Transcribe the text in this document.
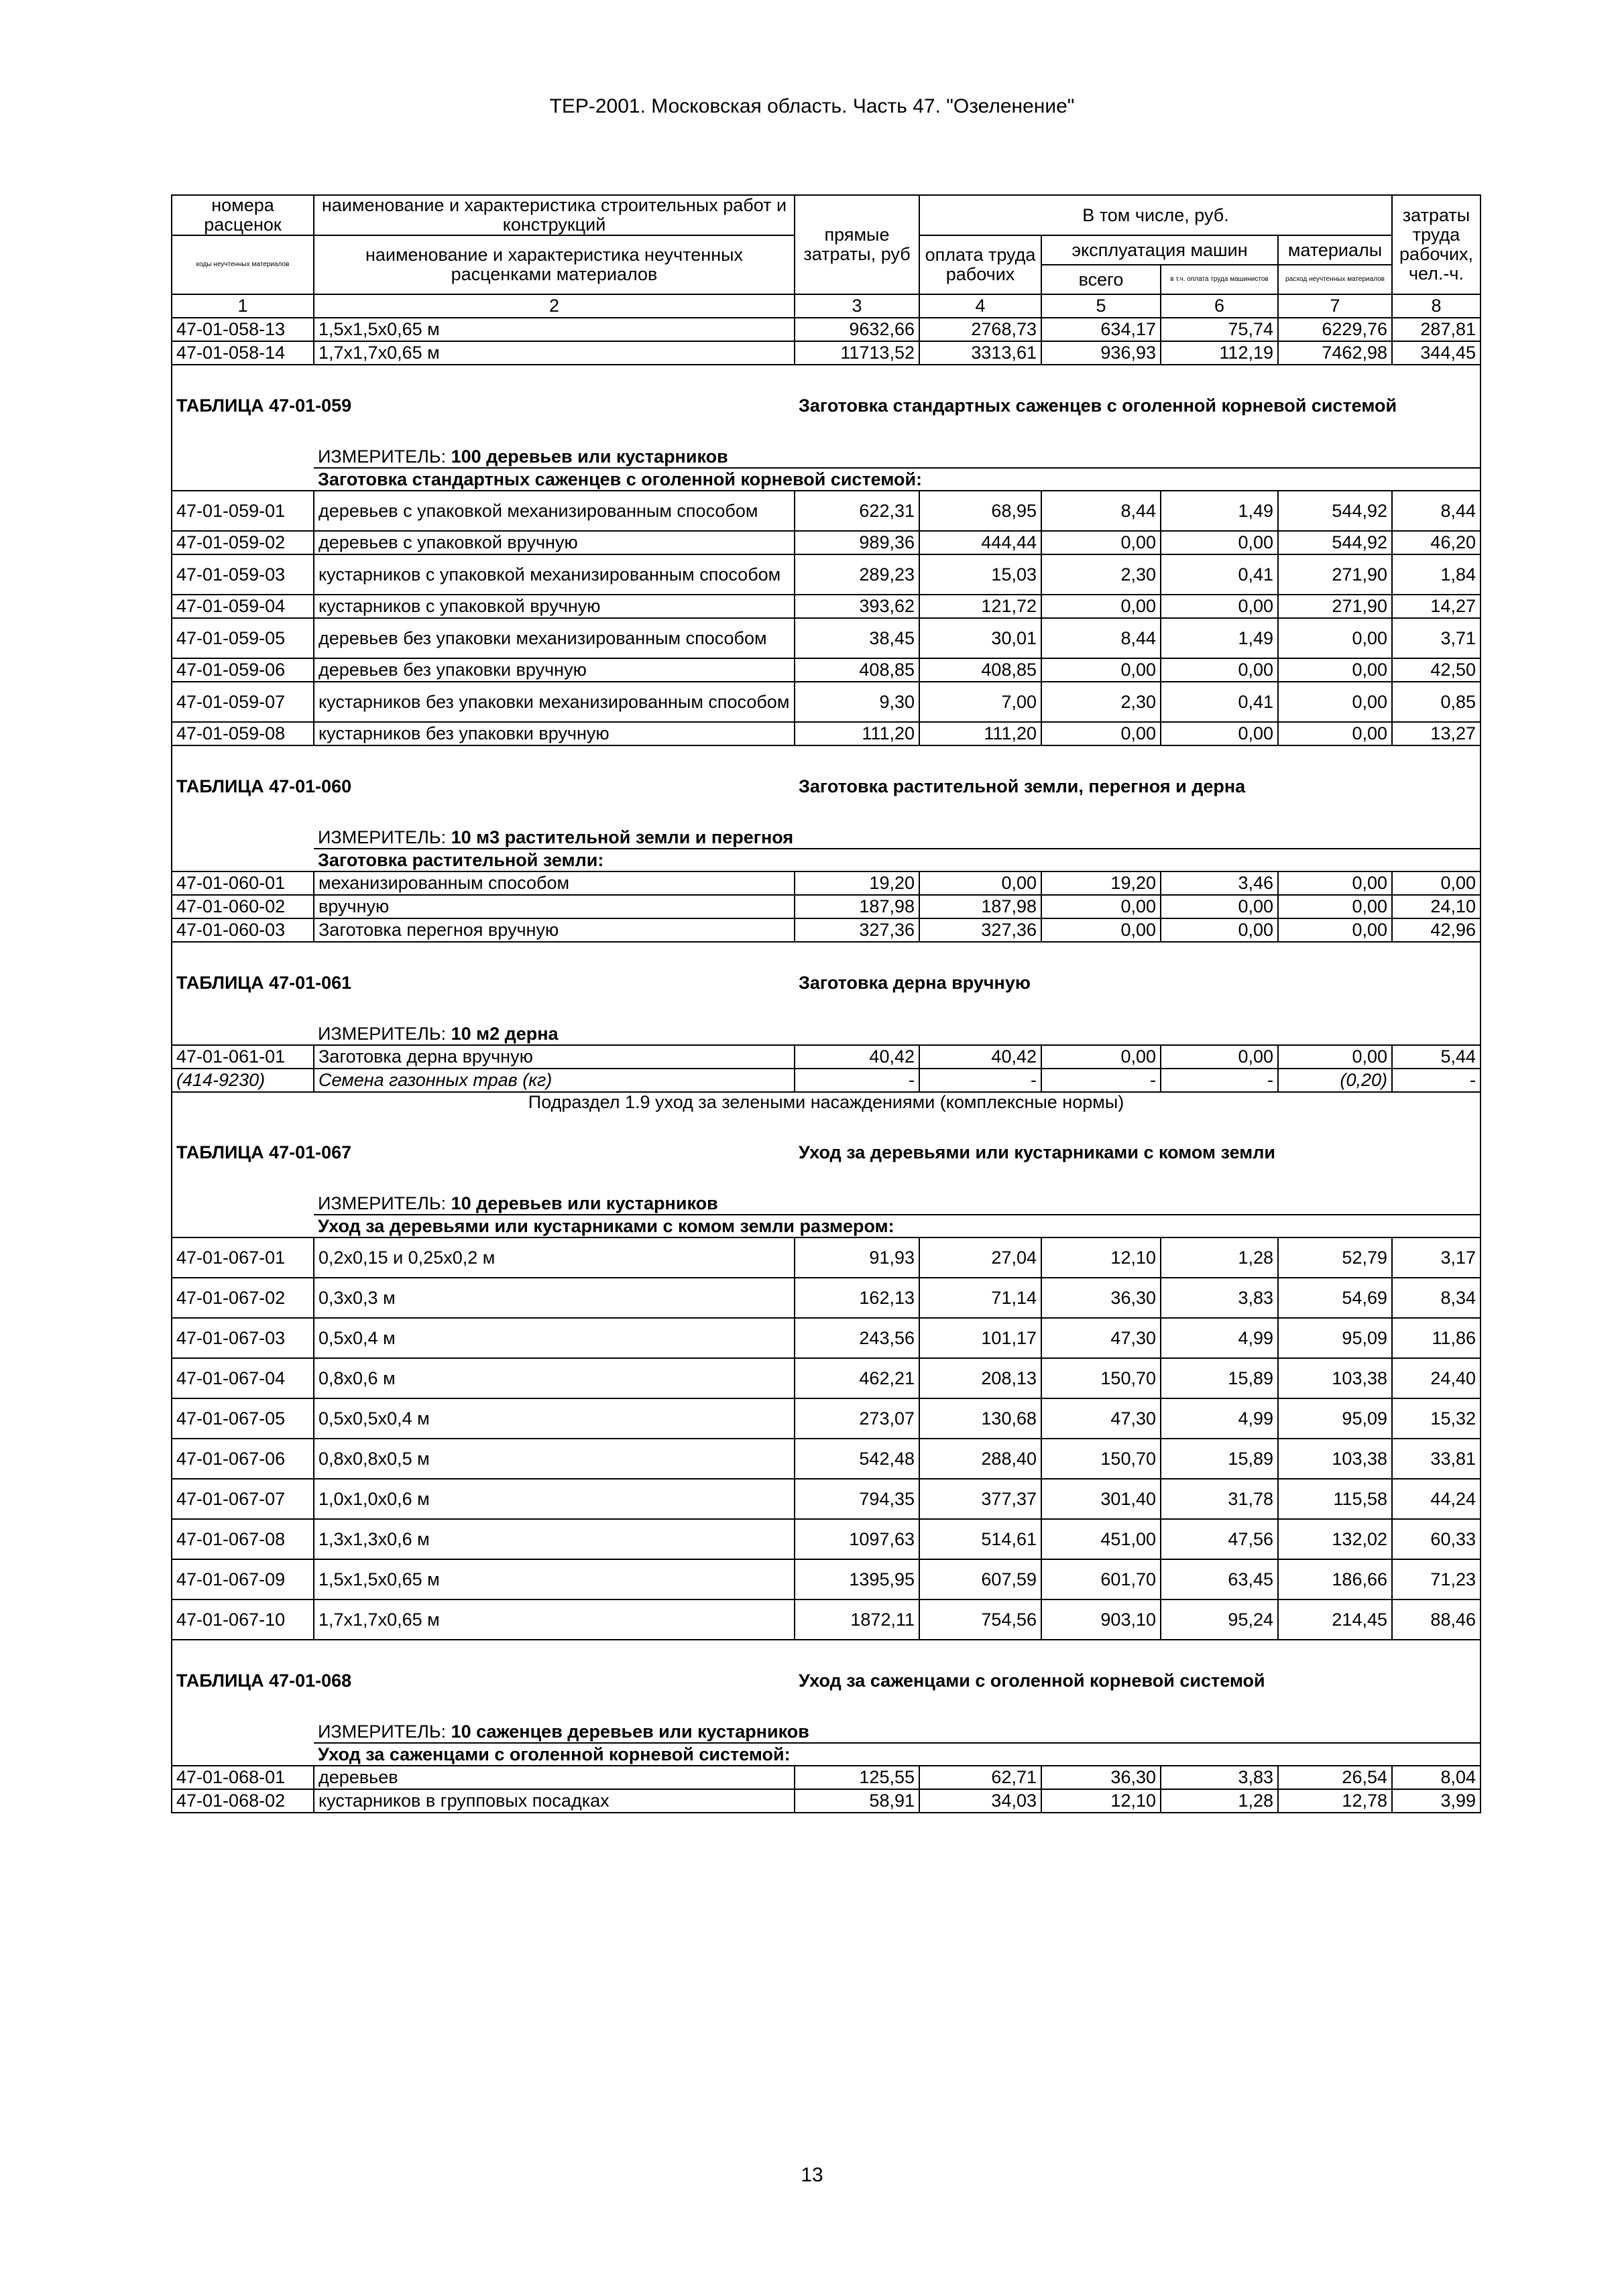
ТЕР-2001. Московская область. Часть 47. "Озеленение"
номера расценок	наименование и характеристика строительных работ и конструкций	прямые затраты, руб	В том числе, руб.				затраты труда рабочих, чел.-ч.
коды неучтенных материалов	наименование и характеристика неучтенных расценками материалов		оплата труда рабочих	эксплуатация машин		материалы	
				всего	в т.ч. оплата труда машинистов	расход неучтенных материалов	
1	2	3	4	5	6	7	8
47-01-058-13	1,5х1,5х0,65 м	9632,66	2768,73	634,17	75,74	6229,76	287,81
47-01-058-14	1,7х1,7х0,65 м	11713,52	3313,61	936,93	112,19	7462,98	344,45
ТАБЛИЦА 47-01-059		Заготовка стандартных саженцев с оголенной корневой системой					
	ИЗМЕРИТЕЛЬ: 100 деревьев или кустарников						
	Заготовка стандартных саженцев с оголенной корневой системой:						
47-01-059-01	деревьев с упаковкой механизированным способом	622,31	68,95	8,44	1,49	544,92	8,44
47-01-059-02	деревьев с упаковкой вручную	989,36	444,44	0,00	0,00	544,92	46,20
47-01-059-03	кустарников с упаковкой механизированным способом	289,23	15,03	2,30	0,41	271,90	1,84
47-01-059-04	кустарников с упаковкой вручную	393,62	121,72	0,00	0,00	271,90	14,27
47-01-059-05	деревьев без упаковки механизированным способом	38,45	30,01	8,44	1,49	0,00	3,71
47-01-059-06	деревьев без упаковки вручную	408,85	408,85	0,00	0,00	0,00	42,50
47-01-059-07	кустарников без упаковки механизированным способом	9,30	7,00	2,30	0,41	0,00	0,85
47-01-059-08	кустарников без упаковки вручную	111,20	111,20	0,00	0,00	0,00	13,27
ТАБЛИЦА 47-01-060		Заготовка растительной земли, перегноя и дерна					
	ИЗМЕРИТЕЛЬ: 10 м3 растительной земли и перегноя						
	Заготовка растительной земли:						
47-01-060-01	механизированным способом	19,20	0,00	19,20	3,46	0,00	0,00
47-01-060-02	вручную	187,98	187,98	0,00	0,00	0,00	24,10
47-01-060-03	Заготовка перегноя вручную	327,36	327,36	0,00	0,00	0,00	42,96
ТАБЛИЦА 47-01-061		Заготовка дерна вручную					
	ИЗМЕРИТЕЛЬ: 10 м2 дерна						
47-01-061-01	Заготовка дерна вручную	40,42	40,42	0,00	0,00	0,00	5,44
(414-9230)	Семена газонных трав (кг)	-	-	-	-	(0,20)	-
Подраздел 1.9 уход за зелеными насаждениями (комплексные нормы)							
ТАБЛИЦА 47-01-067		Уход за деревьями или кустарниками с комом земли					
	ИЗМЕРИТЕЛЬ: 10 деревьев или кустарников						
	Уход за деревьями или кустарниками с комом земли размером:						
47-01-067-01	0,2х0,15 и 0,25х0,2 м	91,93	27,04	12,10	1,28	52,79	3,17
47-01-067-02	0,3х0,3 м	162,13	71,14	36,30	3,83	54,69	8,34
47-01-067-03	0,5х0,4 м	243,56	101,17	47,30	4,99	95,09	11,86
47-01-067-04	0,8х0,6 м	462,21	208,13	150,70	15,89	103,38	24,40
47-01-067-05	0,5х0,5х0,4 м	273,07	130,68	47,30	4,99	95,09	15,32
47-01-067-06	0,8х0,8х0,5 м	542,48	288,40	150,70	15,89	103,38	33,81
47-01-067-07	1,0х1,0х0,6 м	794,35	377,37	301,40	31,78	115,58	44,24
47-01-067-08	1,3х1,3х0,6 м	1097,63	514,61	451,00	47,56	132,02	60,33
47-01-067-09	1,5х1,5х0,65 м	1395,95	607,59	601,70	63,45	186,66	71,23
47-01-067-10	1,7х1,7х0,65 м	1872,11	754,56	903,10	95,24	214,45	88,46
ТАБЛИЦА 47-01-068		Уход за саженцами с оголенной корневой системой					
	ИЗМЕРИТЕЛЬ: 10 саженцев деревьев или кустарников						
	Уход за саженцами с оголенной корневой системой:						
47-01-068-01	деревьев	125,55	62,71	36,30	3,83	26,54	8,04
47-01-068-02	кустарников в групповых посадках	58,91	34,03	12,10	1,28	12,78	3,99
13
